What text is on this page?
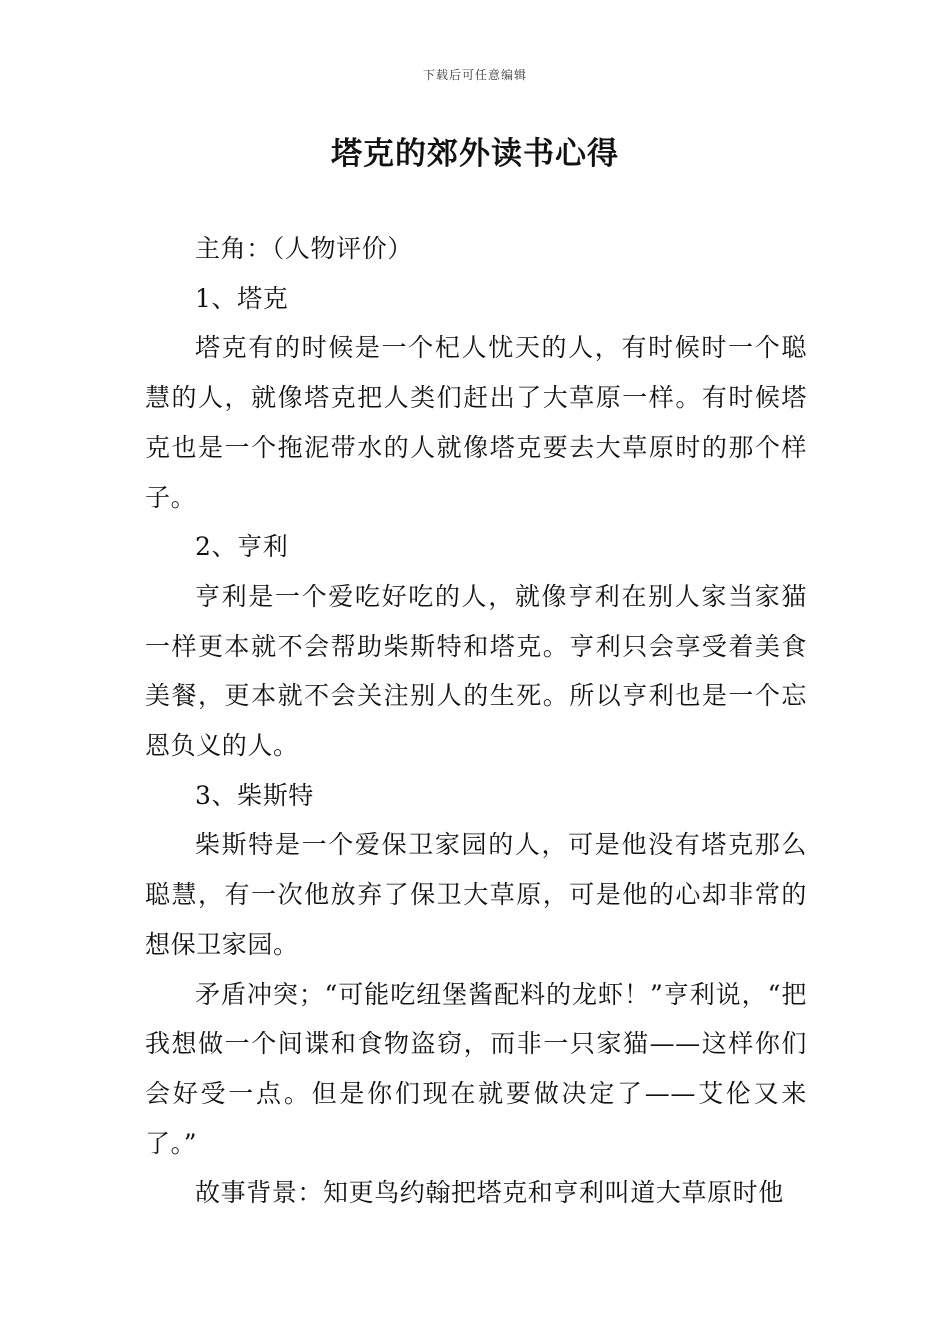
下载后可任意编辑
塔克的郊外读书心得

主角：（人物评价）

1、塔克

塔克有的时候是一个杞人忧天的人，有时候时一个聪慧的人，就像塔克把人类们赶出了大草原一样。有时候塔克也是一个拖泥带水的人就像塔克要去大草原时的那个样子。

2、亨利

亨利是一个爱吃好吃的人，就像亨利在别人家当家猫一样更本就不会帮助柴斯特和塔克。亨利只会享受着美食美餐，更本就不会关注别人的生死。所以亨利也是一个忘恩负义的人。

3、柴斯特

柴斯特是一个爱保卫家园的人，可是他没有塔克那么聪慧，有一次他放弃了保卫大草原，可是他的心却非常的想保卫家园。

矛盾冲突；“可能吃纽堡酱配料的龙虾！”亨利说，“把我想做一个间谍和食物盗窃，而非一只家猫——这样你们会好受一点。但是你们现在就要做决定了——艾伦又来了。”

故事背景：知更鸟约翰把塔克和亨利叫道大草原时他
